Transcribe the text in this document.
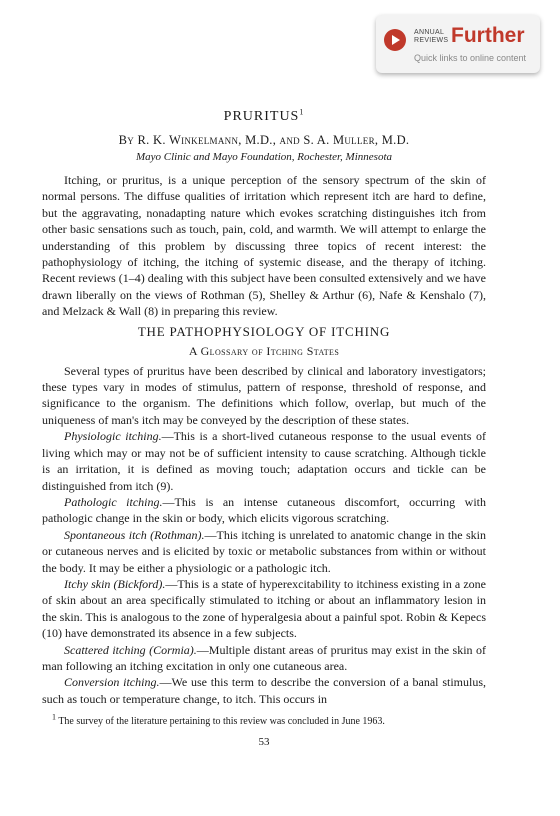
ANNUAL
REVIEWS Further
Quick links to online content

PRURITUS$^1$

By R. K. Winkelmann, M.D., and S. A. Muller, M.D.
Mayo Clinic and Mayo Foundation, Rochester, Minnesota

Itching, or pruritus, is a unique perception of the sensory spectrum of the skin of normal persons. The diffuse qualities of irritation which represent itch are hard to define, but the aggravating, nonadapting nature which evokes scratching distinguishes itch from other basic sensations such as touch, pain, cold, and warmth. We will attempt to enlarge the understanding of this problem by discussing three topics of recent interest: the pathophysiology of itching, the itching of systemic disease, and the therapy of itching. Recent reviews (1–4) dealing with this subject have been consulted extensively and we have drawn liberally on the views of Rothman (5), Shelley & Arthur (6), Nafe & Kenshalo (7), and Melzack & Wall (8) in preparing this review.

THE PATHOPHYSIOLOGY OF ITCHING

A Glossary of Itching States

Several types of pruritus have been described by clinical and laboratory investigators; these types vary in modes of stimulus, pattern of response, threshold of response, and significance to the organism. The definitions which follow, overlap, but much of the uniqueness of man's itch may be conveyed by the description of these states.

Physiologic itching.—This is a short-lived cutaneous response to the usual events of living which may or may not be of sufficient intensity to cause scratching. Although tickle is an irritation, it is defined as moving touch; adaptation occurs and tickle can be distinguished from itch (9).

Pathologic itching.—This is an intense cutaneous discomfort, occurring with pathologic change in the skin or body, which elicits vigorous scratching.

Spontaneous itch (Rothman).—This itching is unrelated to anatomic change in the skin or cutaneous nerves and is elicited by toxic or metabolic substances from within or without the body. It may be either a physiologic or a pathologic itch.

Itchy skin (Bickford).—This is a state of hyperexcitability to itchiness existing in a zone of skin about an area specifically stimulated to itching or about an inflammatory lesion in the skin. This is analogous to the zone of hyperalgesia about a painful spot. Robin & Kepecs (10) have demonstrated its absence in a few subjects.

Scattered itching (Cormia).—Multiple distant areas of pruritus may exist in the skin of man following an itching excitation in only one cutaneous area.

Conversion itching.—We use this term to describe the conversion of a banal stimulus, such as touch or temperature change, to itch. This occurs in

$^1$ The survey of the literature pertaining to this review was concluded in June 1963.
53
